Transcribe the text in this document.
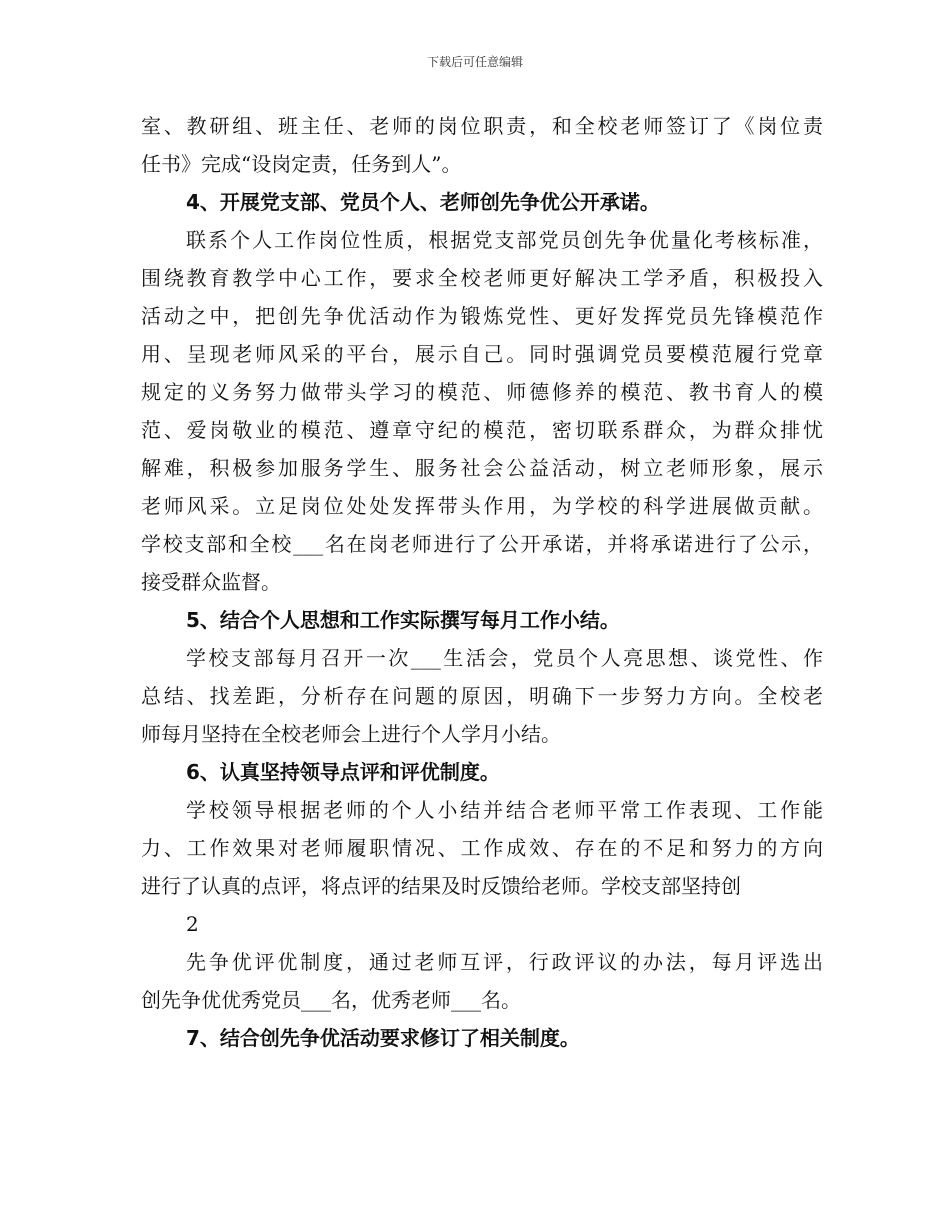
下载后可任意编辑
室、教研组、班主任、老师的岗位职责，和全校老师签订了《岗位责
任书》完成“设岗定责，任务到人”。
4、开展党支部、党员个人、老师创先争优公开承诺。
联系个人工作岗位性质，根据党支部党员创先争优量化考核标准，
围绕教育教学中心工作，要求全校老师更好解决工学矛盾，积极投入
活动之中，把创先争优活动作为锻炼党性、更好发挥党员先锋模范作
用、呈现老师风采的平台，展示自己。同时强调党员要模范履行党章
规定的义务努力做带头学习的模范、师德修养的模范、教书育人的模
范、爱岗敬业的模范、遵章守纪的模范，密切联系群众，为群众排忧
解难，积极参加服务学生、服务社会公益活动，树立老师形象，展示
老师风采。立足岗位处处发挥带头作用，为学校的科学进展做贡献。
学校支部和全校___名在岗老师进行了公开承诺，并将承诺进行了公示，
接受群众监督。
5、结合个人思想和工作实际撰写每月工作小结。
学校支部每月召开一次___生活会，党员个人亮思想、谈党性、作
总结、找差距，分析存在问题的原因，明确下一步努力方向。全校老
师每月坚持在全校老师会上进行个人学月小结。
6、认真坚持领导点评和评优制度。
学校领导根据老师的个人小结并结合老师平常工作表现、工作能
力、工作效果对老师履职情况、工作成效、存在的不足和努力的方向
进行了认真的点评，将点评的结果及时反馈给老师。学校支部坚持创
2
先争优评优制度，通过老师互评，行政评议的办法，每月评选出
创先争优优秀党员___名，优秀老师___名。
7、结合创先争优活动要求修订了相关制度。
